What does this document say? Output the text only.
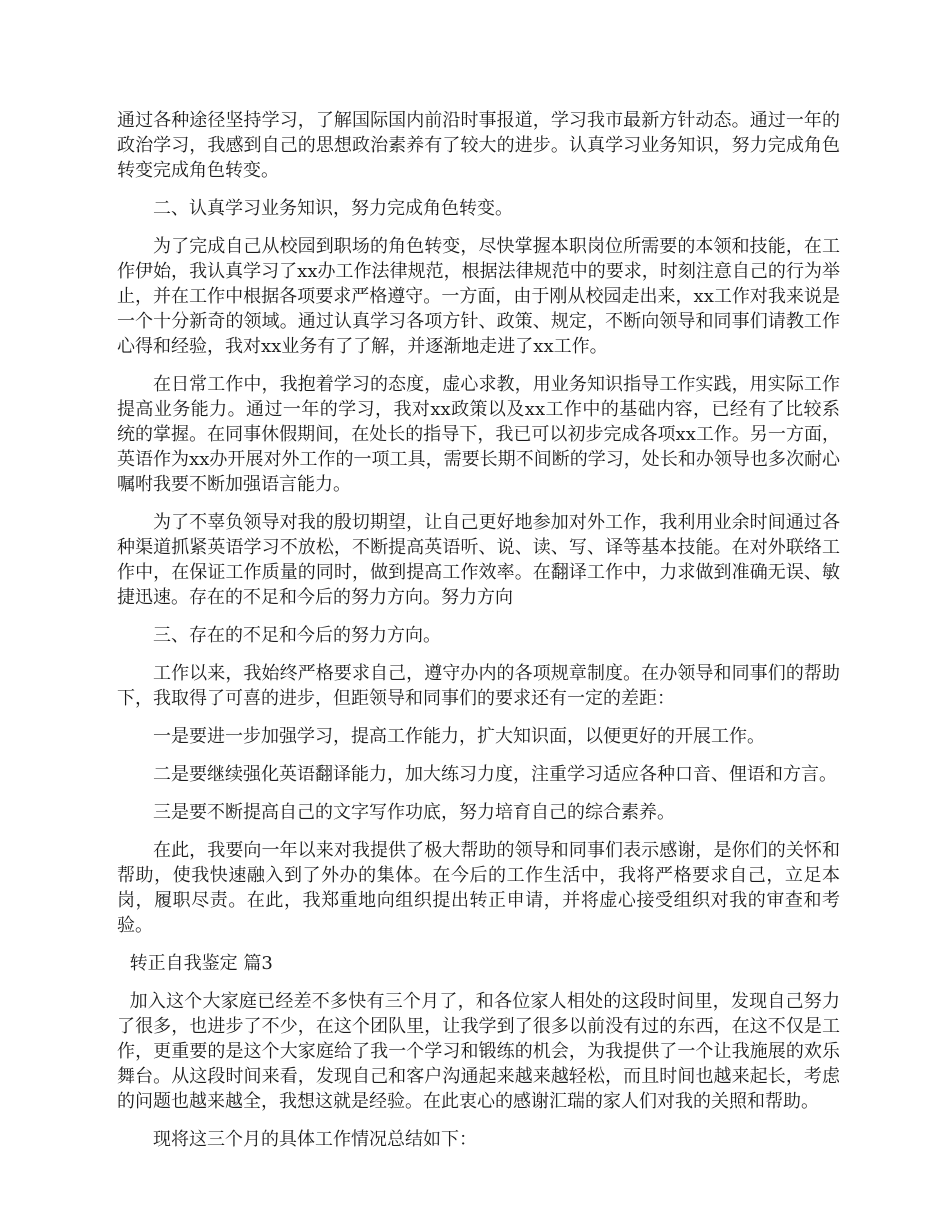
通过各种途径坚持学习，了解国际国内前沿时事报道，学习我市最新方针动态。通过一年的政治学习，我感到自己的思想政治素养有了较大的进步。认真学习业务知识，努力完成角色转变完成角色转变。

二、认真学习业务知识，努力完成角色转变。

为了完成自己从校园到职场的角色转变，尽快掌握本职岗位所需要的本领和技能，在工作伊始，我认真学习了xx办工作法律规范，根据法律规范中的要求，时刻注意自己的行为举止，并在工作中根据各项要求严格遵守。一方面，由于刚从校园走出来，xx工作对我来说是一个十分新奇的领域。通过认真学习各项方针、政策、规定，不断向领导和同事们请教工作心得和经验，我对xx业务有了了解，并逐渐地走进了xx工作。

在日常工作中，我抱着学习的态度，虚心求教，用业务知识指导工作实践，用实际工作提高业务能力。通过一年的学习，我对xx政策以及xx工作中的基础内容，已经有了比较系统的掌握。在同事休假期间，在处长的指导下，我已可以初步完成各项xx工作。另一方面，英语作为xx办开展对外工作的一项工具，需要长期不间断的学习，处长和办领导也多次耐心嘱咐我要不断加强语言能力。

为了不辜负领导对我的殷切期望，让自己更好地参加对外工作，我利用业余时间通过各种渠道抓紧英语学习不放松，不断提高英语听、说、读、写、译等基本技能。在对外联络工作中，在保证工作质量的同时，做到提高工作效率。在翻译工作中，力求做到准确无误、敏捷迅速。存在的不足和今后的努力方向。努力方向

三、存在的不足和今后的努力方向。

工作以来，我始终严格要求自己，遵守办内的各项规章制度。在办领导和同事们的帮助下，我取得了可喜的进步，但距领导和同事们的要求还有一定的差距：

一是要进一步加强学习，提高工作能力，扩大知识面，以便更好的开展工作。

二是要继续强化英语翻译能力，加大练习力度，注重学习适应各种口音、俚语和方言。

三是要不断提高自己的文字写作功底，努力培育自己的综合素养。

在此，我要向一年以来对我提供了极大帮助的领导和同事们表示感谢，是你们的关怀和帮助，使我快速融入到了外办的集体。在今后的工作生活中，我将严格要求自己，立足本岗，履职尽责。在此，我郑重地向组织提出转正申请，并将虚心接受组织对我的审查和考验。

转正自我鉴定 篇3

加入这个大家庭已经差不多快有三个月了，和各位家人相处的这段时间里，发现自己努力了很多，也进步了不少，在这个团队里，让我学到了很多以前没有过的东西，在这不仅是工作，更重要的是这个大家庭给了我一个学习和锻练的机会，为我提供了一个让我施展的欢乐舞台。从这段时间来看，发现自己和客户沟通起来越来越轻松，而且时间也越来起长，考虑的问题也越来越全，我想这就是经验。在此衷心的感谢汇瑞的家人们对我的关照和帮助。

现将这三个月的具体工作情况总结如下：
